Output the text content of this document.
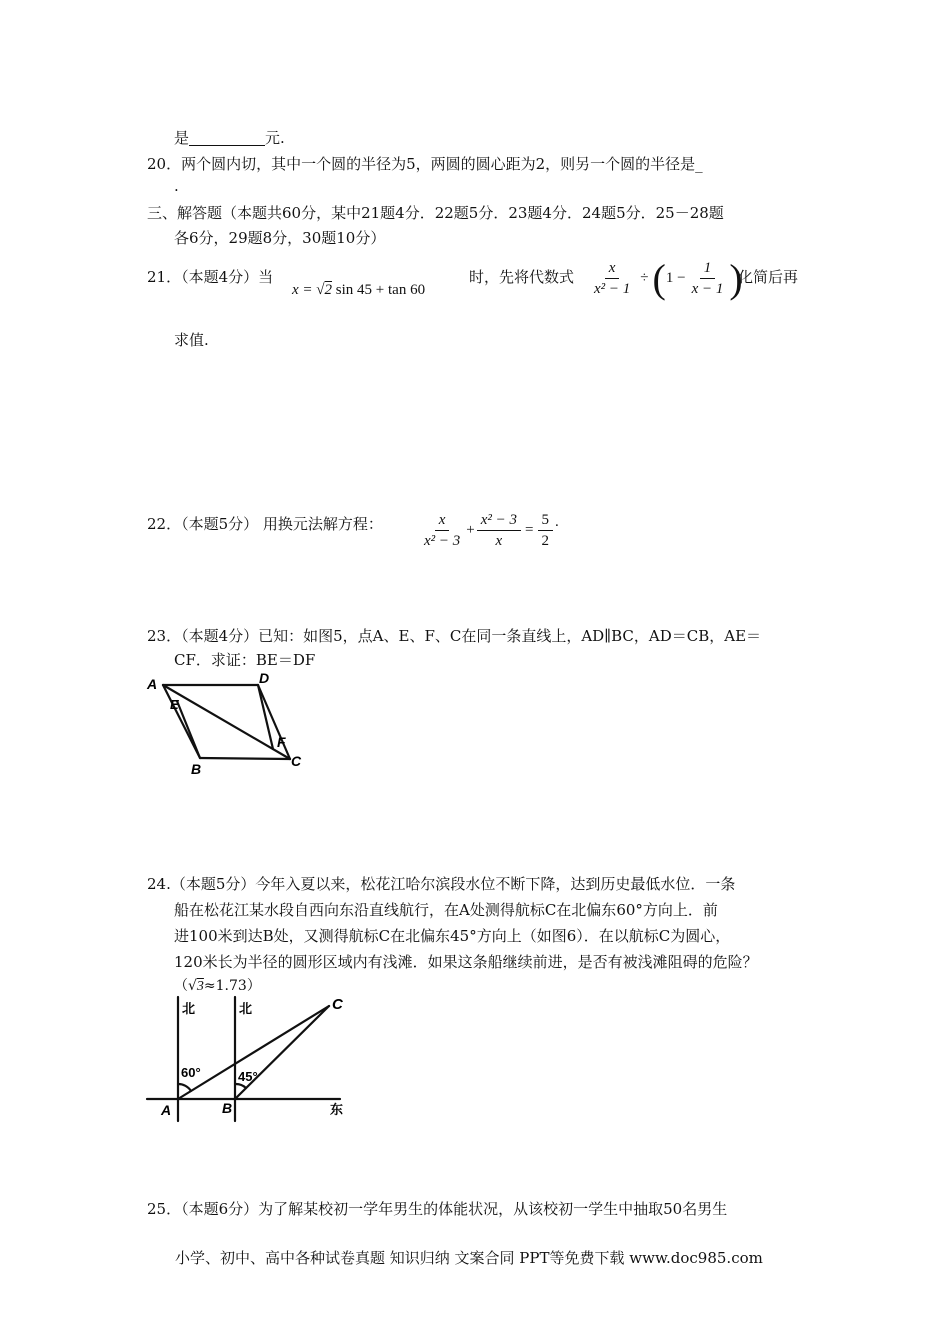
是	元.
20．两个圆内切，其中一个圆的半径为5，两圆的圆心距为2，则另一个圆的半径是_
.
三、解答题（本题共60分，某中21题4分．22题5分．23题4分．24题5分．25－28题
各6分，29题8分，30题10分）
21．（本题4分）当
x = √2 sin 45 + tan 60
时，先将代数式 $\frac{x}{\text{x² − 1}}$ ÷ ( $1 - \frac{1}{x - 1}$ )
化简后再
求值.
22．（本题5分） 用换元法解方程： $\frac{x}{\text{x² − 3}} + \frac{\text{x² − 3}}{x} = \frac{5}{2}$ .
23．（本题4分）已知：如图5，点A、E、F、C在同一条直线上，AD∥BC，AD＝CB，AE＝
CF．求证：BE＝DF
A	D
E
F
B	C
24.（本题5分）今年入夏以来，松花江哈尔滨段水位不断下降，达到历史最低水位．一条
船在松花江某水段自西向东沿直线航行，在A处测得航标C在北偏东60°方向上．前
进100米到达B处，又测得航标C在北偏东45°方向上（如图6）．在以航标C为圆心，
120米长为半径的圆形区域内有浅滩．如果这条船继续前进，是否有被浅滩阻碍的危险？
（√3≈1.73）
北	北
60°	45°
A	B
C
东
25．（本题6分）为了解某校初一学年男生的体能状况，从该校初一学生中抽取50名男生
小学、初中、高中各种试卷真题 知识归纳 文案合同 PPT等免费下载 www.doc985.com
